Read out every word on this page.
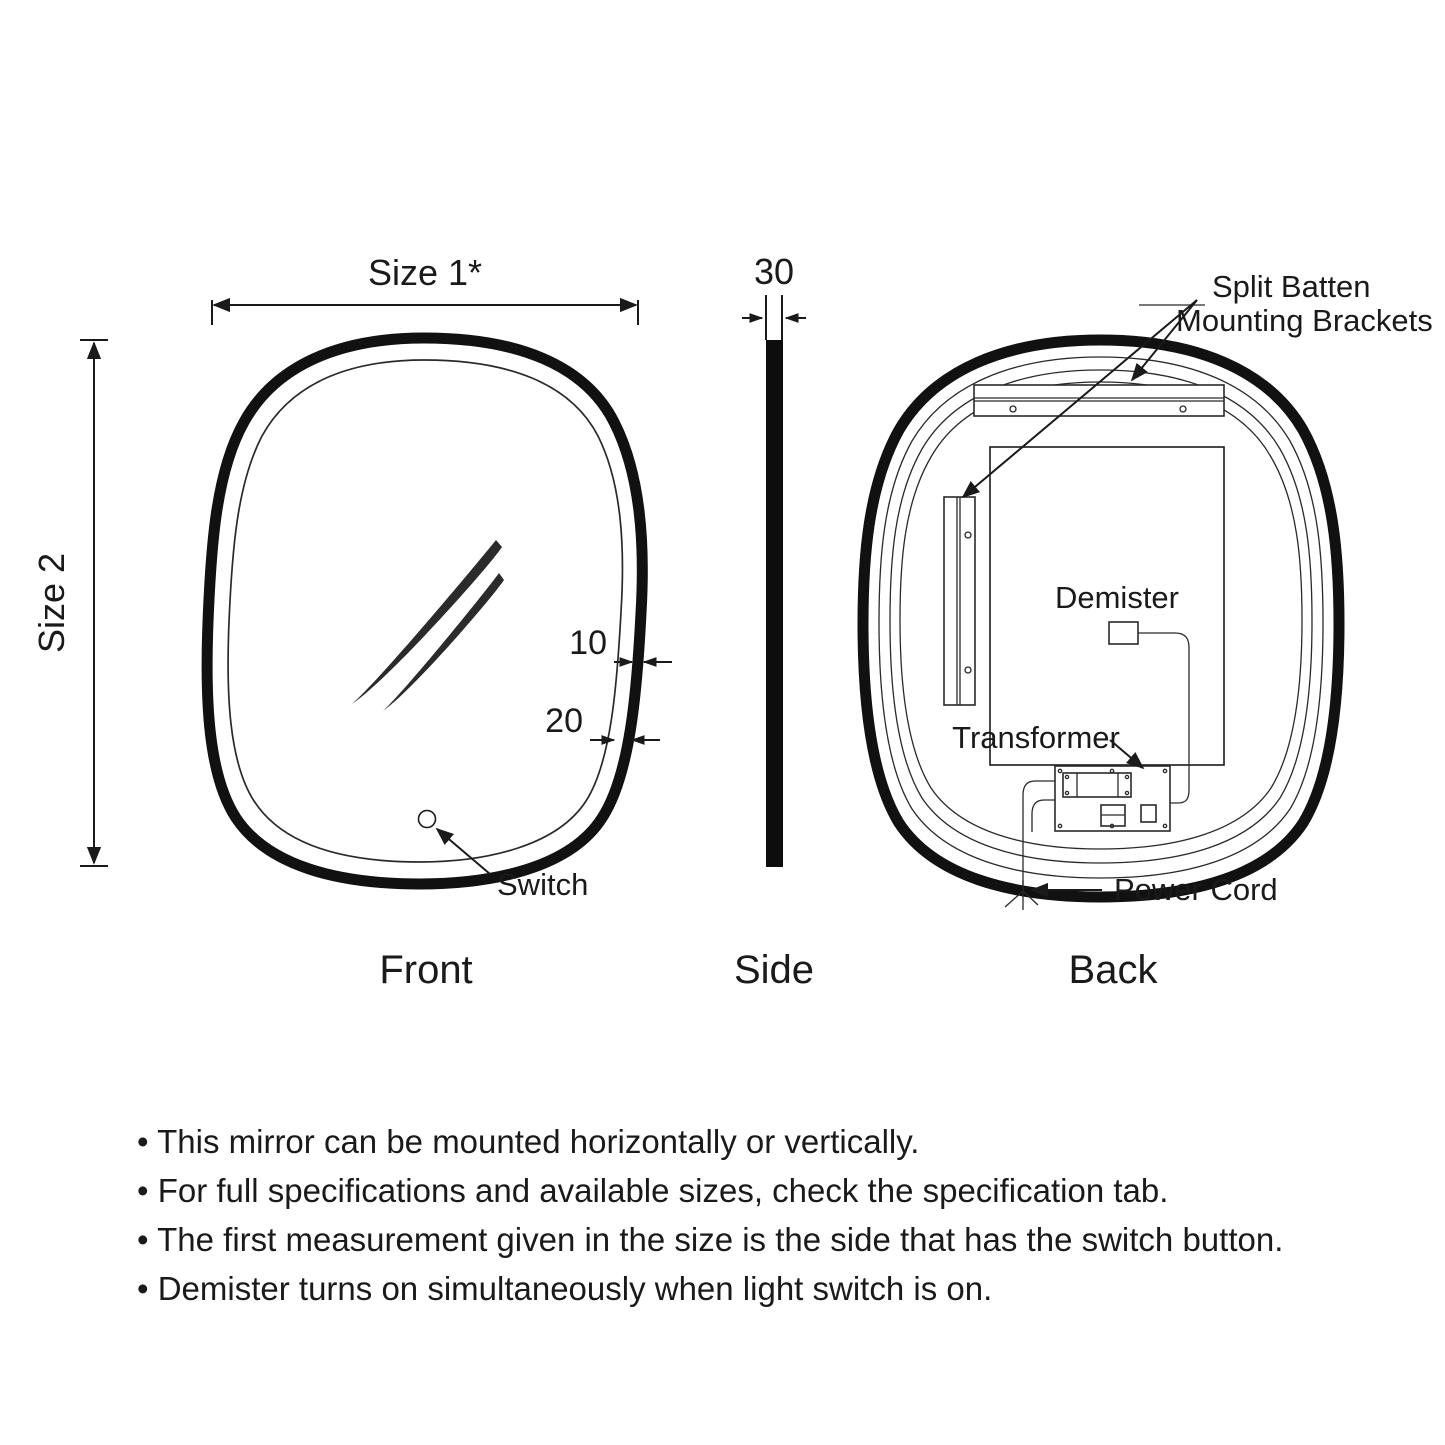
Switch
10
20
Front
Size 1*
Size 2
30
Side
Demister
Split Batten
Mounting Brackets
Transformer
Power Cord
Back
• This mirror can be mounted horizontally or vertically.
• For full specifications and available sizes, check the specification tab.
• The first measurement given in the size is the side that has the switch button.
• Demister turns on simultaneously when light switch is on.
